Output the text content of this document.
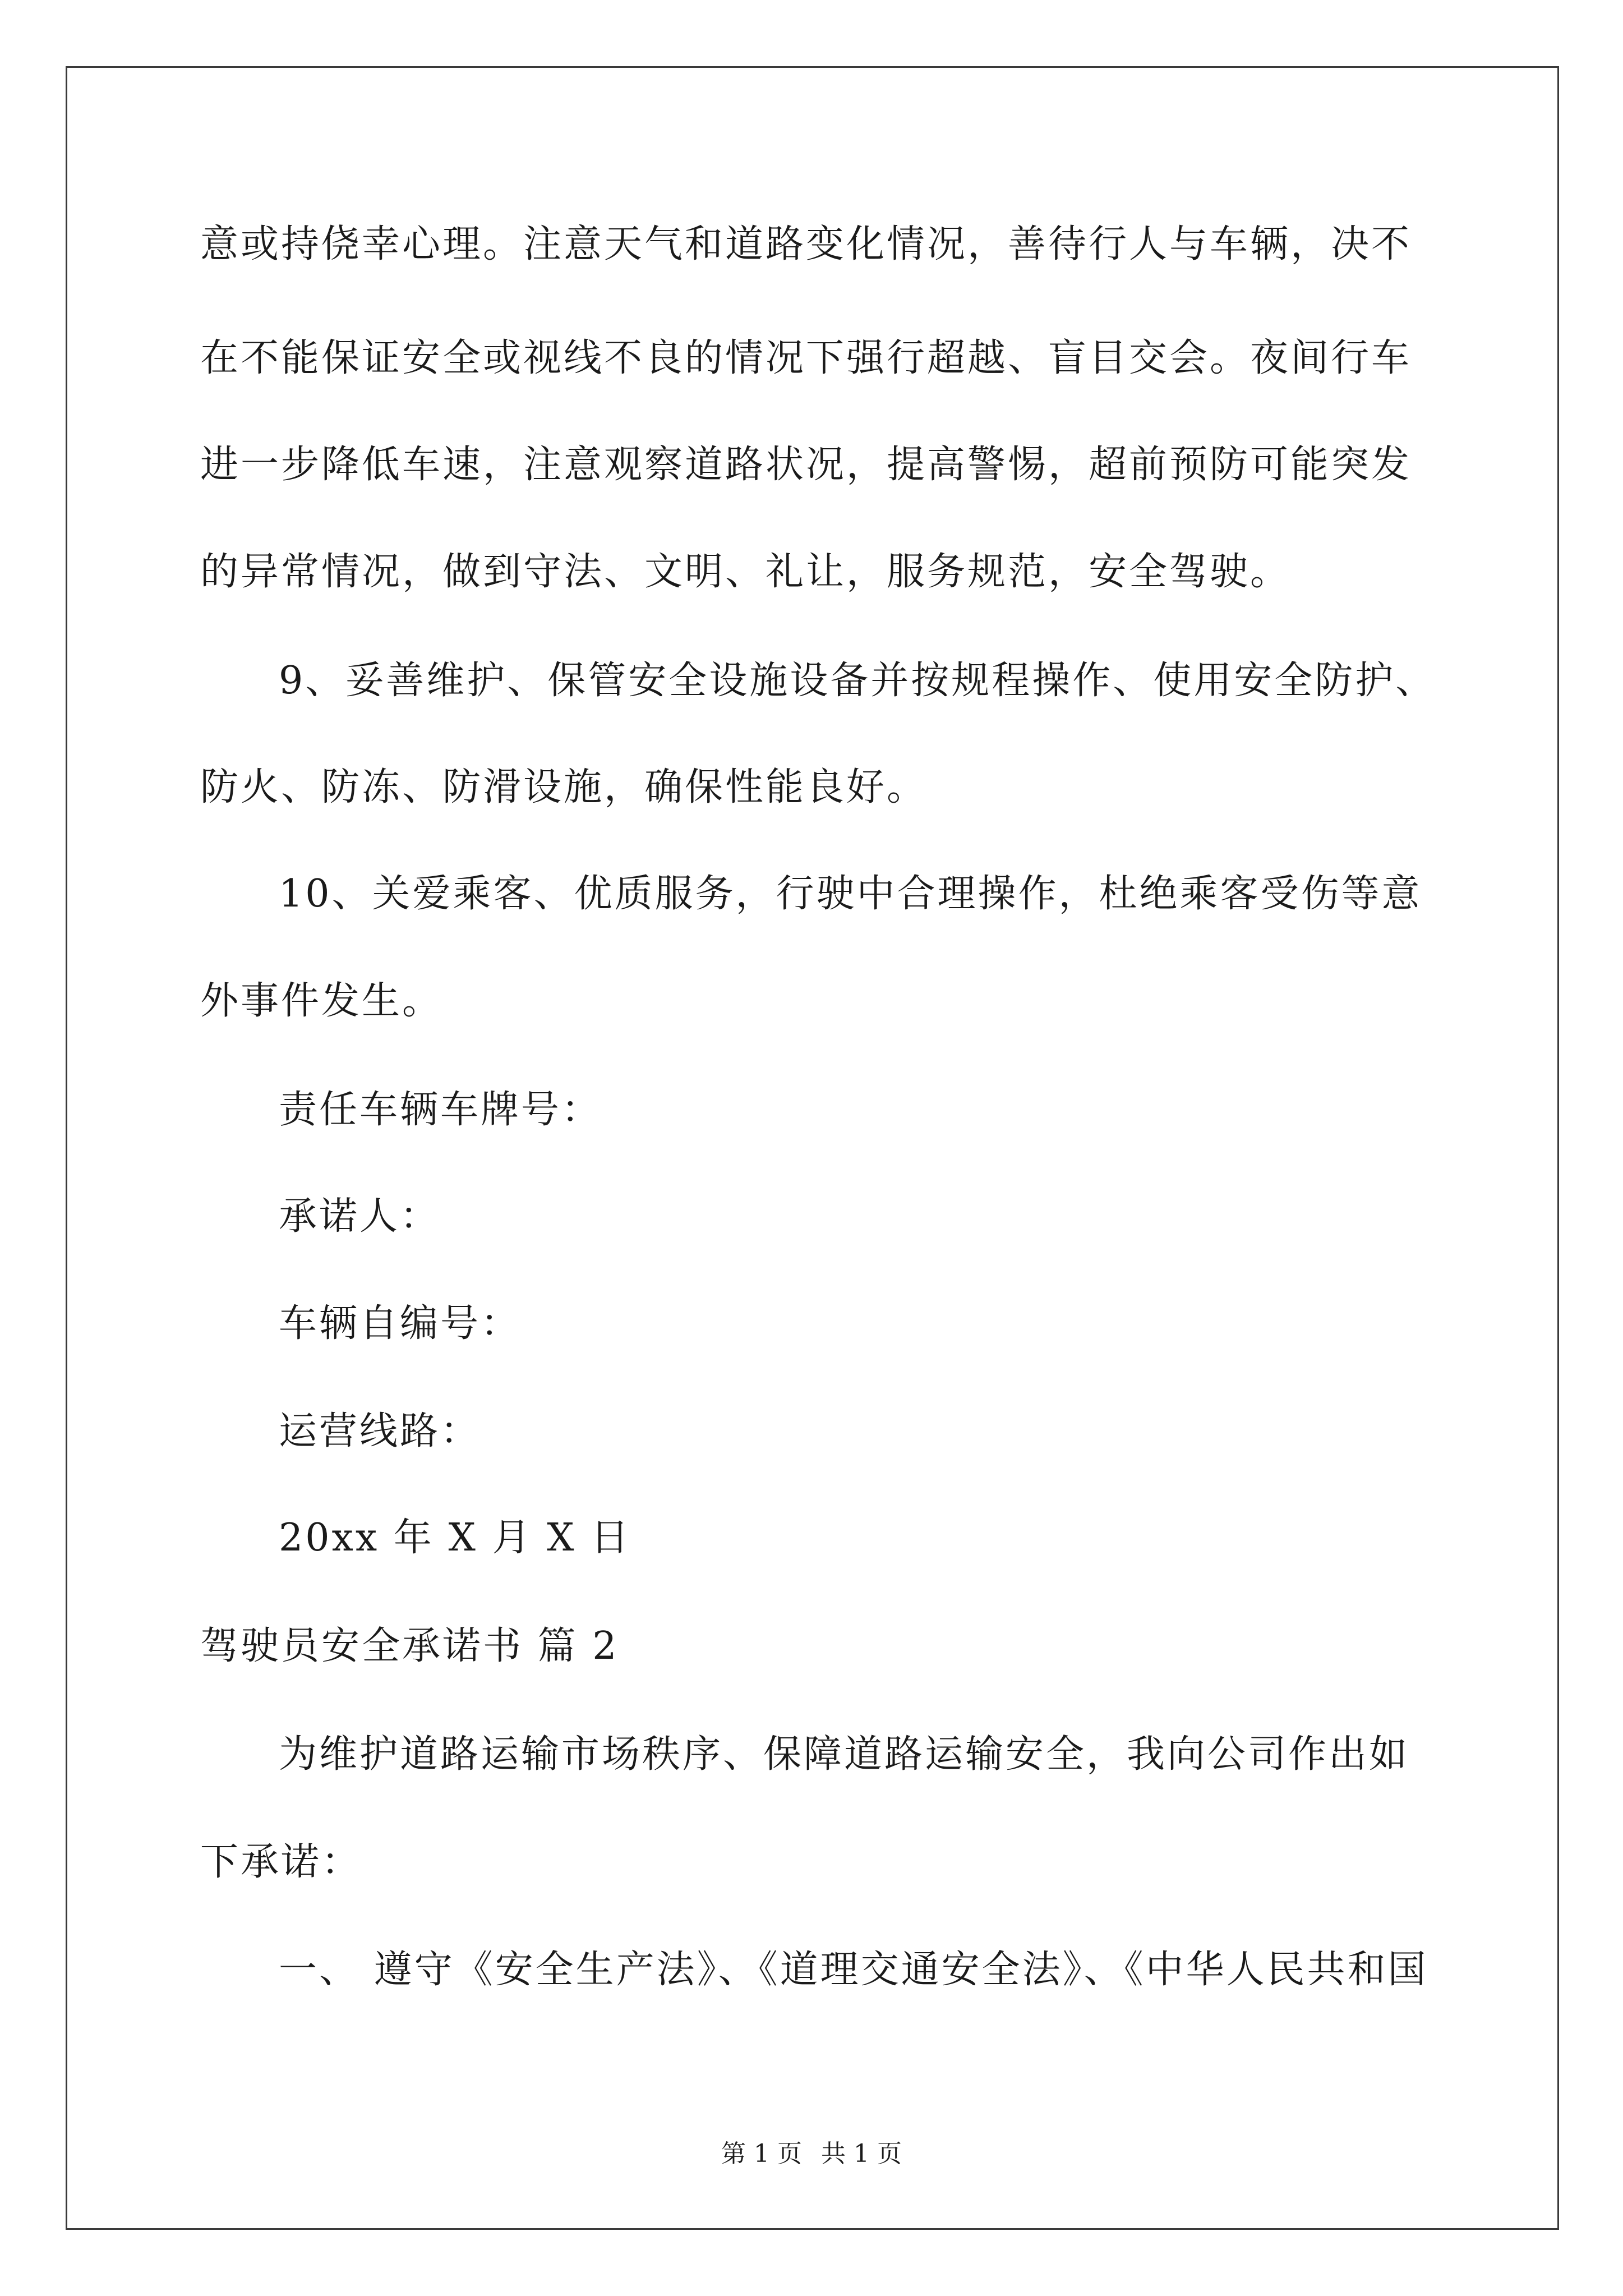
意或持侥幸心理。注意天气和道路变化情况，善待行人与车辆，决不
在不能保证安全或视线不良的情况下强行超越、盲目交会。夜间行车
进一步降低车速，注意观察道路状况，提高警惕，超前预防可能突发
的异常情况，做到守法、文明、礼让，服务规范，安全驾驶。
9、妥善维护、保管安全设施设备并按规程操作、使用安全防护、
防火、防冻、防滑设施，确保性能良好。
10、关爱乘客、优质服务，行驶中合理操作，杜绝乘客受伤等意
外事件发生。
责任车辆车牌号：
承诺人：
车辆自编号：
运营线路：
20xx 年 X 月 X 日
驾驶员安全承诺书 篇 2
为维护道路运输市场秩序、保障道路运输安全，我向公司作出如
下承诺：
一、 遵守《安全生产法》、《道理交通安全法》、《中华人民共和国
第 1 页 共 1 页
